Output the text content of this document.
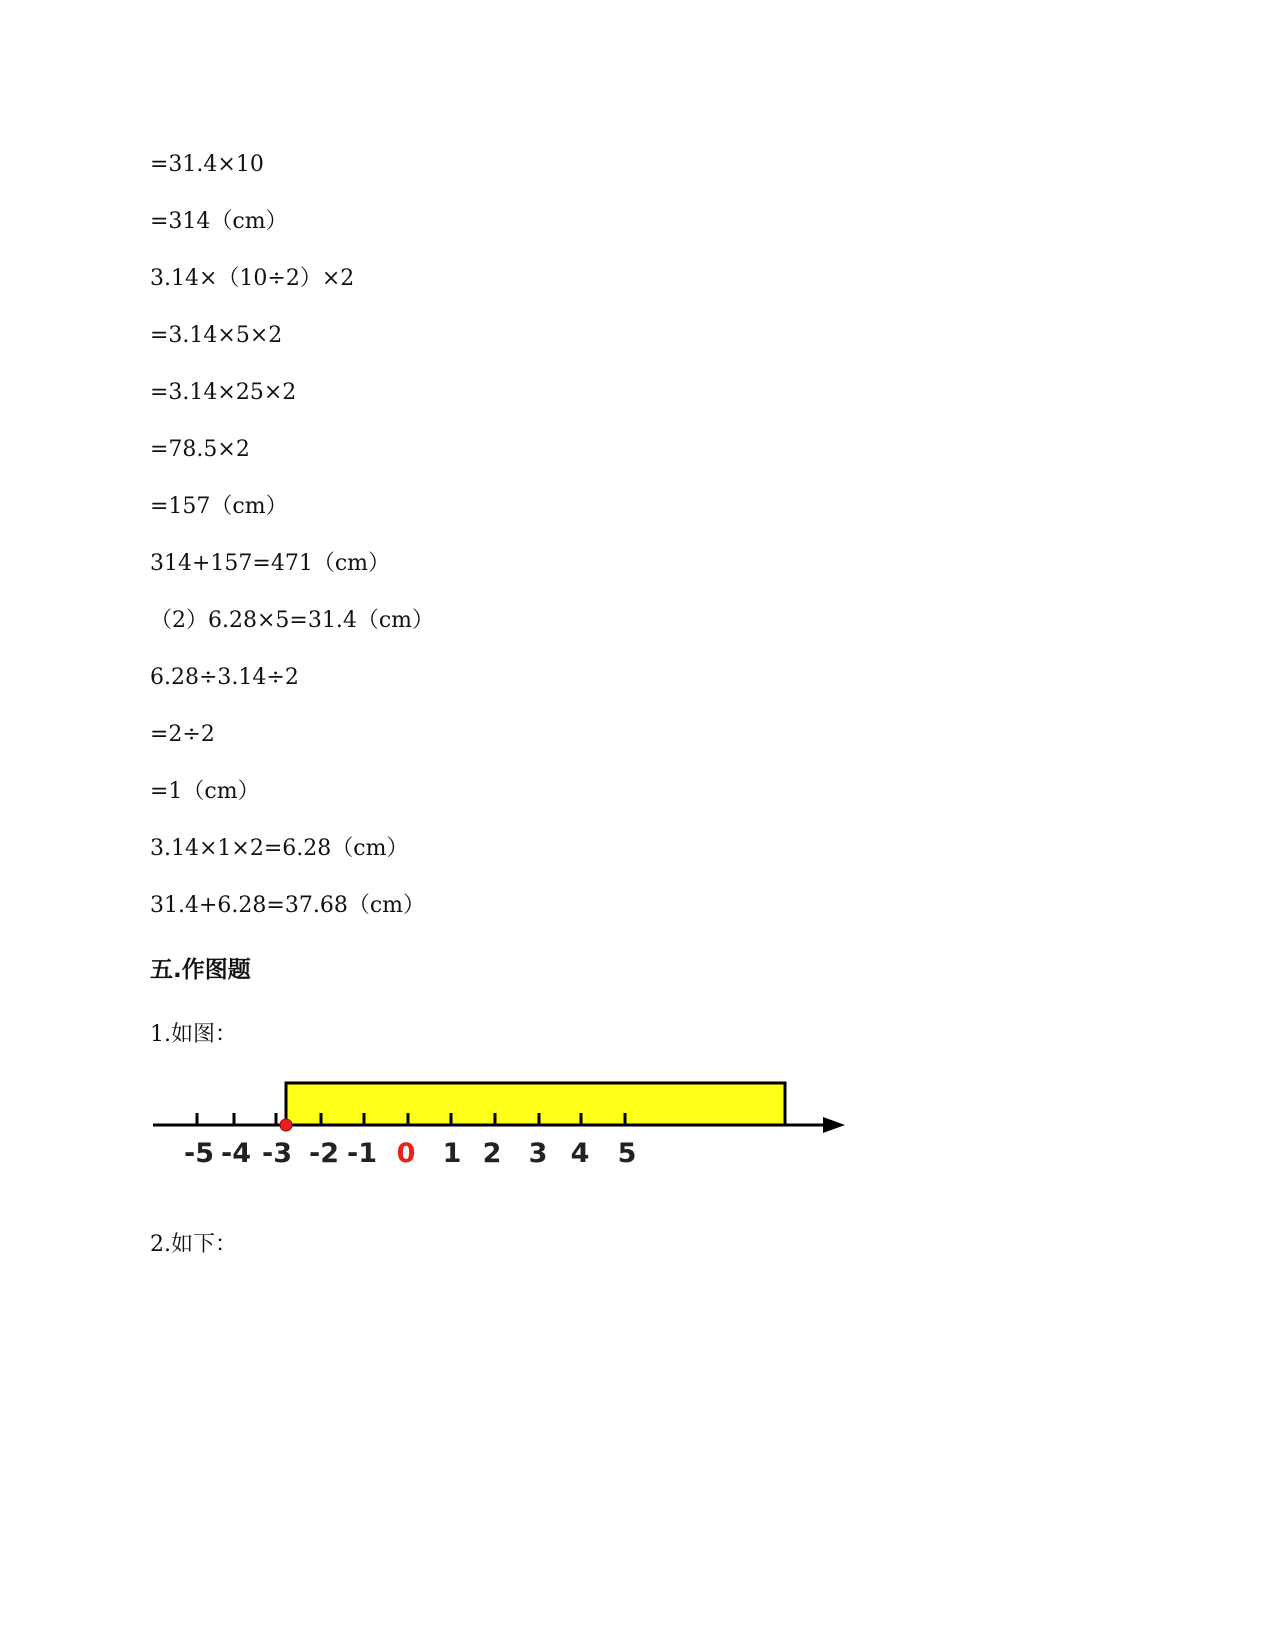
=31.4×10
=314（cm）
3.14×（10÷2）×2
=3.14×5×2
=3.14×25×2
=78.5×2
=157（cm）
314+157=471（cm）
（2）6.28×5=31.4（cm）
6.28÷3.14÷2
=2÷2
=1（cm）
3.14×1×2=6.28（cm）
31.4+6.28=37.68（cm）
五.作图题
1.如图：
-5 -4 -3 -2 -1 0 1 2 3 4 5
2.如下：
